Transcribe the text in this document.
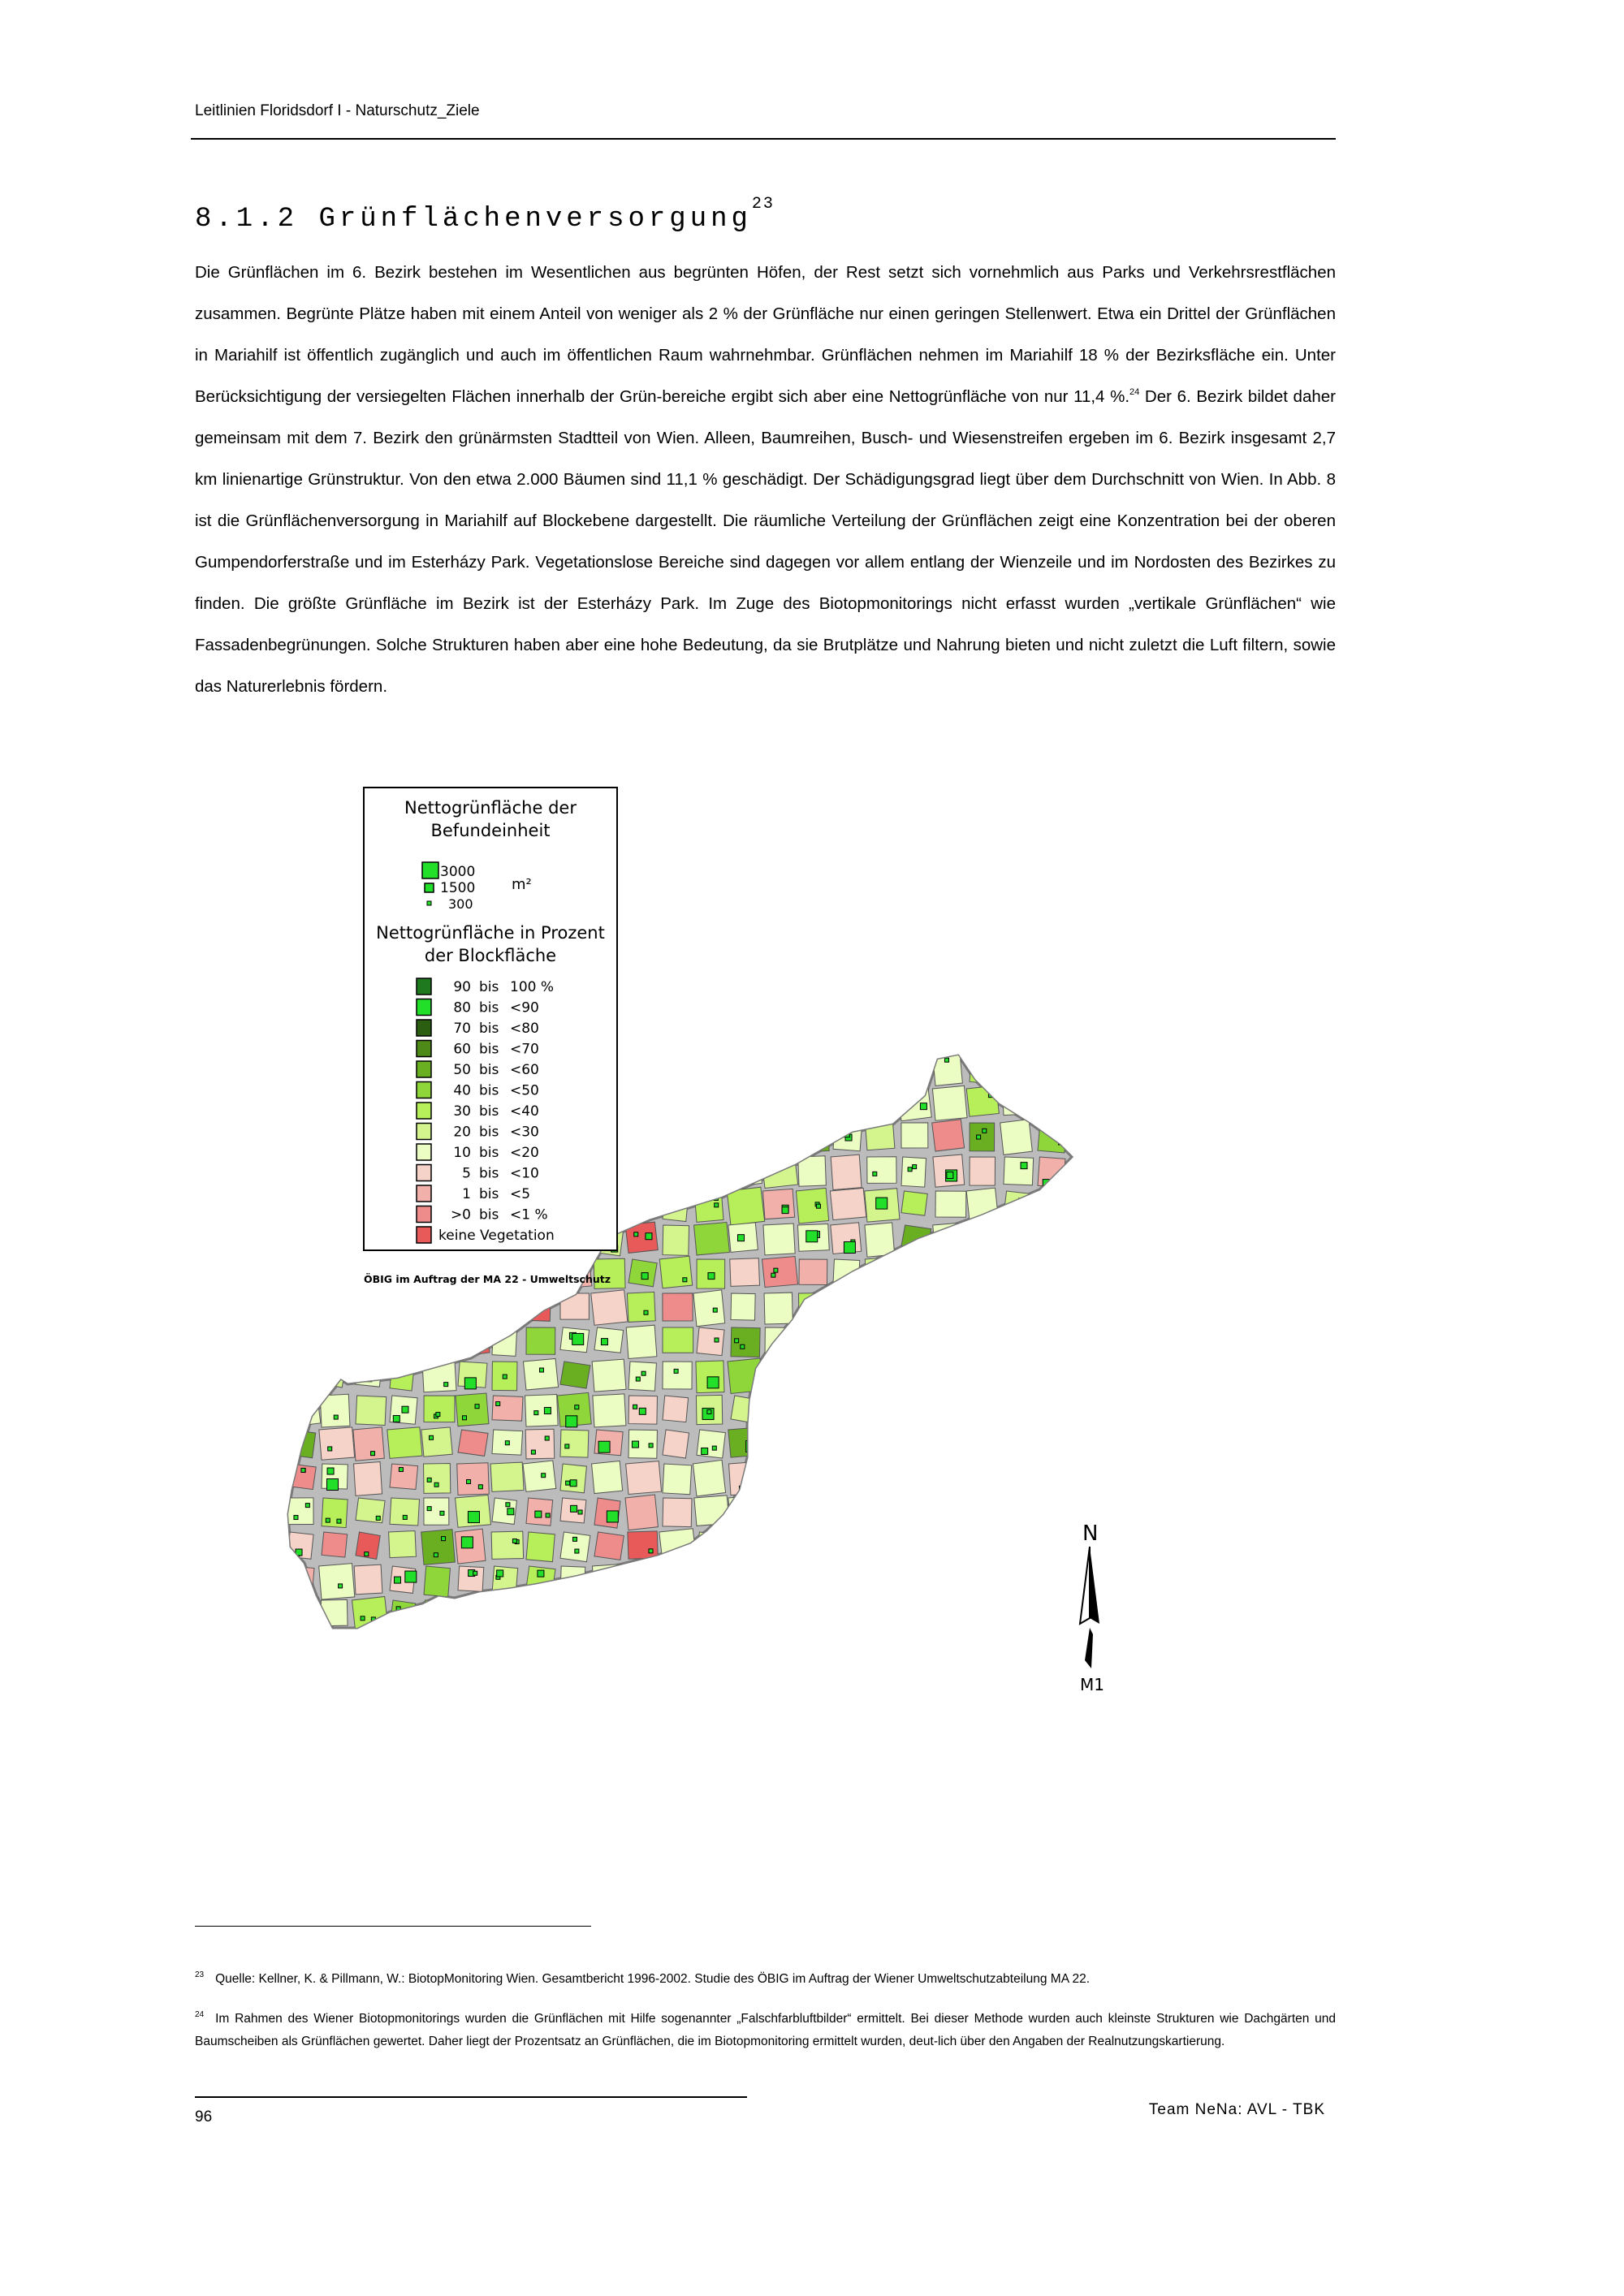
Leitlinien Floridsdorf I - Naturschutz_Ziele
8.1.2 Grünflächenversorgung$^{23}$
Die Grünflächen im 6. Bezirk bestehen im Wesentlichen aus begrünten Höfen, der Rest setzt sich vornehmlich aus Parks und Verkehrsrestflächen zusammen. Begrünte Plätze haben mit einem Anteil von weniger als 2 % der Grünfläche nur einen geringen Stellenwert. Etwa ein Drittel der Grünflächen in Mariahilf ist öffentlich zugänglich und auch im öffentlichen Raum wahrnehmbar. Grünflächen nehmen im Mariahilf 18 % der Bezirksfläche ein. Unter Berücksichtigung der versiegelten Flächen innerhalb der Grün-bereiche ergibt sich aber eine Nettogrünfläche von nur 11,4 %.$^{24}$ Der 6. Bezirk bildet daher gemeinsam mit dem 7. Bezirk den grünärmsten Stadtteil von Wien. Alleen, Baumreihen, Busch- und Wiesenstreifen ergeben im 6. Bezirk insgesamt 2,7 km linienartige Grünstruktur. Von den etwa 2.000 Bäumen sind 11,1 % geschädigt. Der Schädigungsgrad liegt über dem Durchschnitt von Wien. In Abb. 8 ist die Grünflächenversorgung in Mariahilf auf Blockebene dargestellt. Die räumliche Verteilung der Grünflächen zeigt eine Konzentration bei der oberen Gumpendorferstraße und im Esterházy Park. Vegetationslose Bereiche sind dagegen vor allem entlang der Wienzeile und im Nordosten des Bezirkes zu finden. Die größte Grünfläche im Bezirk ist der Esterházy Park. Im Zuge des Biotopmonitorings nicht erfasst wurden „vertikale Grünflächen“ wie Fassadenbegrünungen. Solche Strukturen haben aber eine hohe Bedeutung, da sie Brutplätze und Nahrung bieten und nicht zuletzt die Luft filtern, sowie das Naturerlebnis fördern.
Nettogrünfläche der
Befundeinheit
3000
1500
300
m²
Nettogrünfläche in Prozent
der Blockfläche
90 bis 100 %
80 bis <90
70 bis <80
60 bis <70
50 bis <60
40 bis <50
30 bis <40
20 bis <30
10 bis <20
5 bis <10
1 bis <5
>0 bis <1 %
keine Vegetation
ÖBIG im Auftrag der MA 22 - Umweltschutz
N
M1
$^{23}$ Quelle: Kellner, K. & Pillmann, W.: BiotopMonitoring Wien. Gesamtbericht 1996-2002. Studie des ÖBIG im Auftrag der Wiener Umweltschutzabteilung MA 22.
$^{24}$ Im Rahmen des Wiener Biotopmonitorings wurden die Grünflächen mit Hilfe sogenannter „Falschfarbluftbilder“ ermittelt. Bei dieser Methode wurden auch kleinste Strukturen wie Dachgärten und Baumscheiben als Grünflächen gewertet. Daher liegt der Prozentsatz an Grünflächen, die im Biotopmonitoring ermittelt wurden, deut-lich über den Angaben der Realnutzungskartierung.
96	Team NeNa: AVL - TBK
